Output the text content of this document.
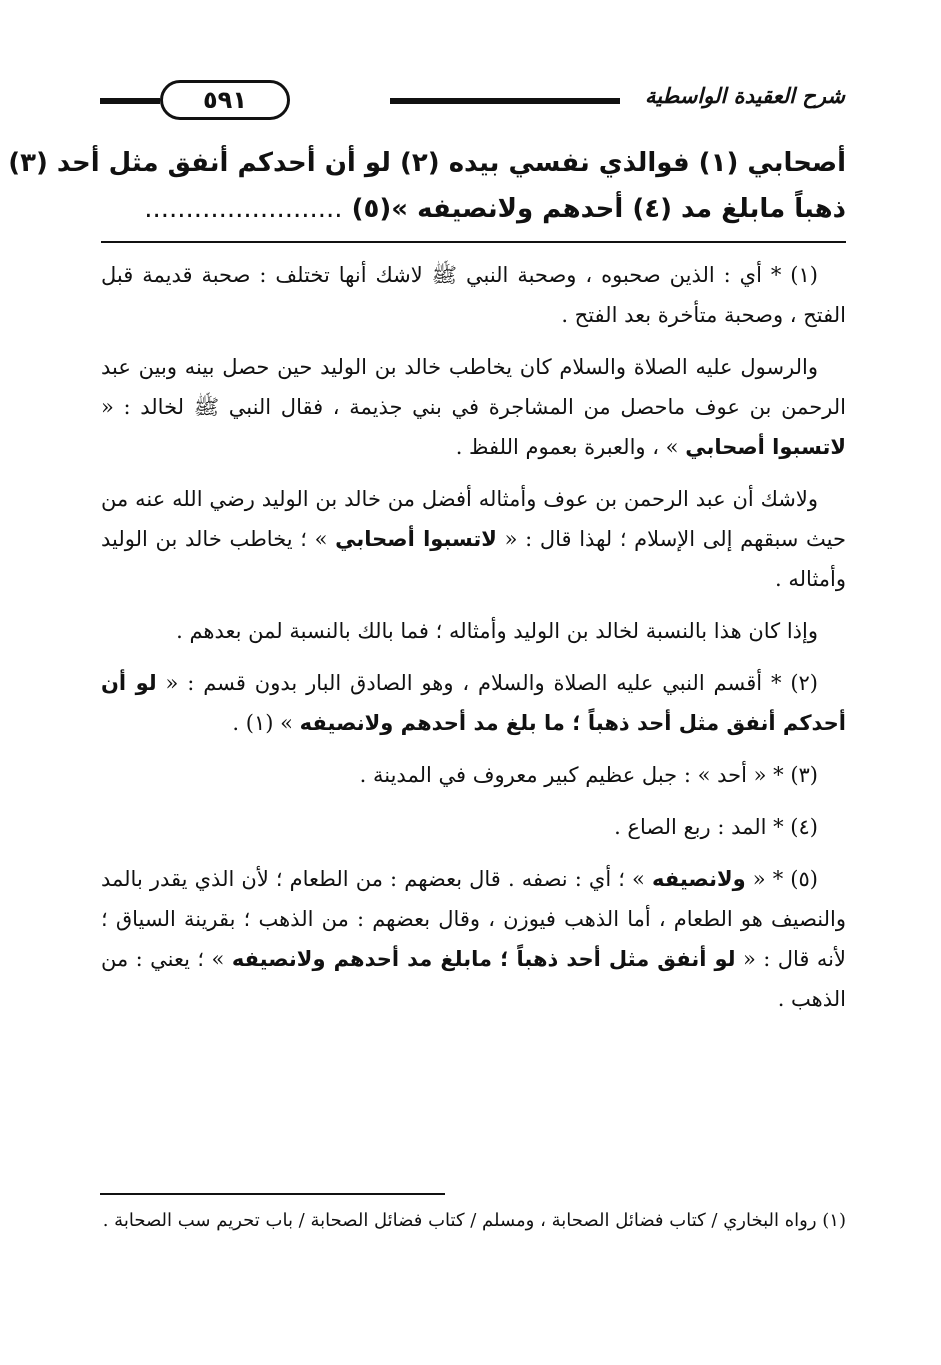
شرح العقيدة الواسطية
٥٩١
أصحابي (١) فوالذي نفسي بيده (٢) لو أن أحدكم أنفق مثل أحد (٣)
ذهباً مابلغ مد (٤) أحدهم ولانصيفه »(٥) ........................

(١) * أي : الذين صحبوه ، وصحبة النبي ﷺ لاشك أنها تختلف : صحبة قديمة قبل الفتح ، وصحبة متأخرة بعد الفتح .

والرسول عليه الصلاة والسلام كان يخاطب خالد بن الوليد حين حصل بينه وبين عبد الرحمن بن عوف ماحصل من المشاجرة في بني جذيمة ، فقال النبي ﷺ لخالد : « لاتسبوا أصحابي » ، والعبرة بعموم اللفظ .

ولاشك أن عبد الرحمن بن عوف وأمثاله أفضل من خالد بن الوليد رضي الله عنه من حيث سبقهم إلى الإسلام ؛ لهذا قال : « لاتسبوا أصحابي » ؛ يخاطب خالد بن الوليد وأمثاله .

وإذا كان هذا بالنسبة لخالد بن الوليد وأمثاله ؛ فما بالك بالنسبة لمن بعدهم .

(٢) * أقسم النبي عليه الصلاة والسلام ، وهو الصادق البار بدون قسم : « لو أن أحدكم أنفق مثل أحد ذهباً ؛ ما بلغ مد أحدهم ولانصيفه » (١) .

(٣) * « أحد » : جبل عظيم كبير معروف في المدينة .

(٤) * المد : ربع الصاع .

(٥) * « ولانصيفه » ؛ أي : نصفه . قال بعضهم : من الطعام ؛ لأن الذي يقدر بالمد والنصيف هو الطعام ، أما الذهب فيوزن ، وقال بعضهم : من الذهب ؛ بقرينة السياق ؛ لأنه قال : « لو أنفق مثل أحد ذهباً ؛ مابلغ مد أحدهم ولانصيفه » ؛ يعني : من الذهب .

(١) رواه البخاري / كتاب فضائل الصحابة ، ومسلم / كتاب فضائل الصحابة / باب تحريم سب الصحابة .
